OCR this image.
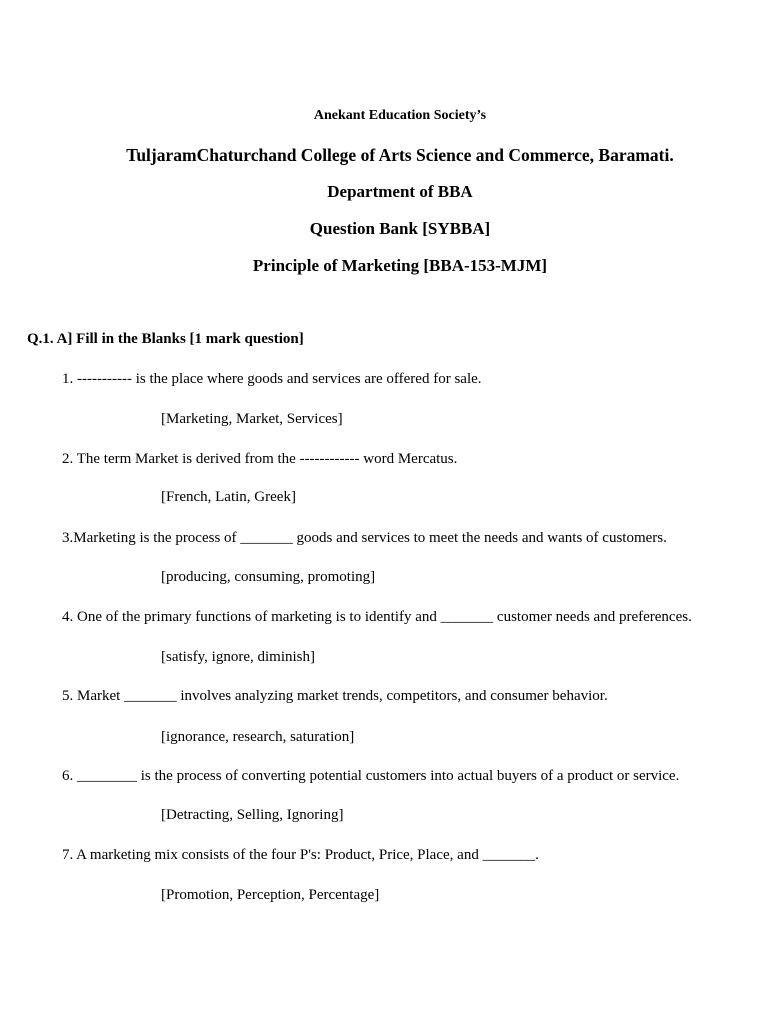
Anekant Education Society’s
TuljaramChaturchand College of Arts Science and Commerce, Baramati.
Department of BBA
Question Bank [SYBBA]
Principle of Marketing [BBA-153-MJM]
Q.1. A] Fill in the Blanks [1 mark question]
1. ----------- is the place where goods and services are offered for sale.
[Marketing, Market, Services]
2. The term Market is derived from the ------------ word Mercatus.
[French, Latin, Greek]
3.Marketing is the process of _______ goods and services to meet the needs and wants of customers.
[producing, consuming, promoting]
4. One of the primary functions of marketing is to identify and _______ customer needs and preferences.
[satisfy, ignore, diminish]
5. Market _______ involves analyzing market trends, competitors, and consumer behavior.
[ignorance, research, saturation]
6. ________ is the process of converting potential customers into actual buyers of a product or service.
[Detracting, Selling, Ignoring]
7. A marketing mix consists of the four P's: Product, Price, Place, and _______.
[Promotion, Perception, Percentage]
